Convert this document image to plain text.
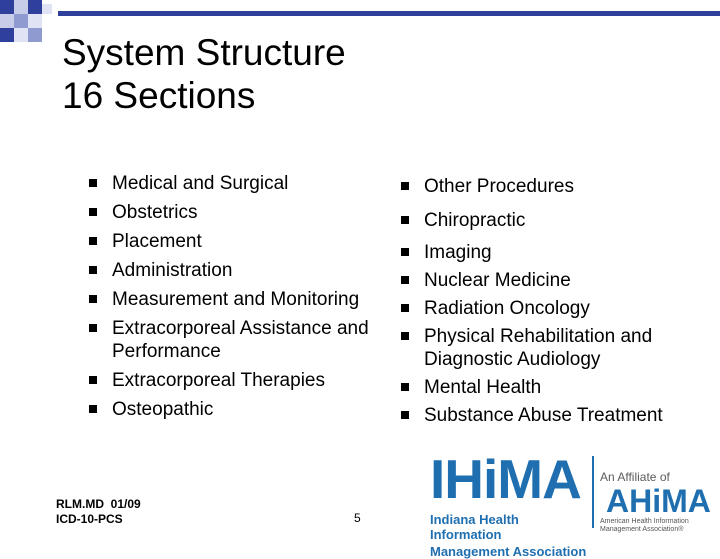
System Structure
16 Sections
Medical and Surgical
Obstetrics
Placement
Administration
Measurement and Monitoring
Extracorporeal Assistance and Performance
Extracorporeal Therapies
Osteopathic
Other Procedures
Chiropractic
Imaging
Nuclear Medicine
Radiation Oncology
Physical Rehabilitation and Diagnostic Audiology
Mental Health
Substance Abuse Treatment
IHiMA
Indiana Health Information
Management Association
An Affiliate of
AHiMA
American Health Information Management Association®
RLM.MD  01/09
ICD-10-PCS	5
